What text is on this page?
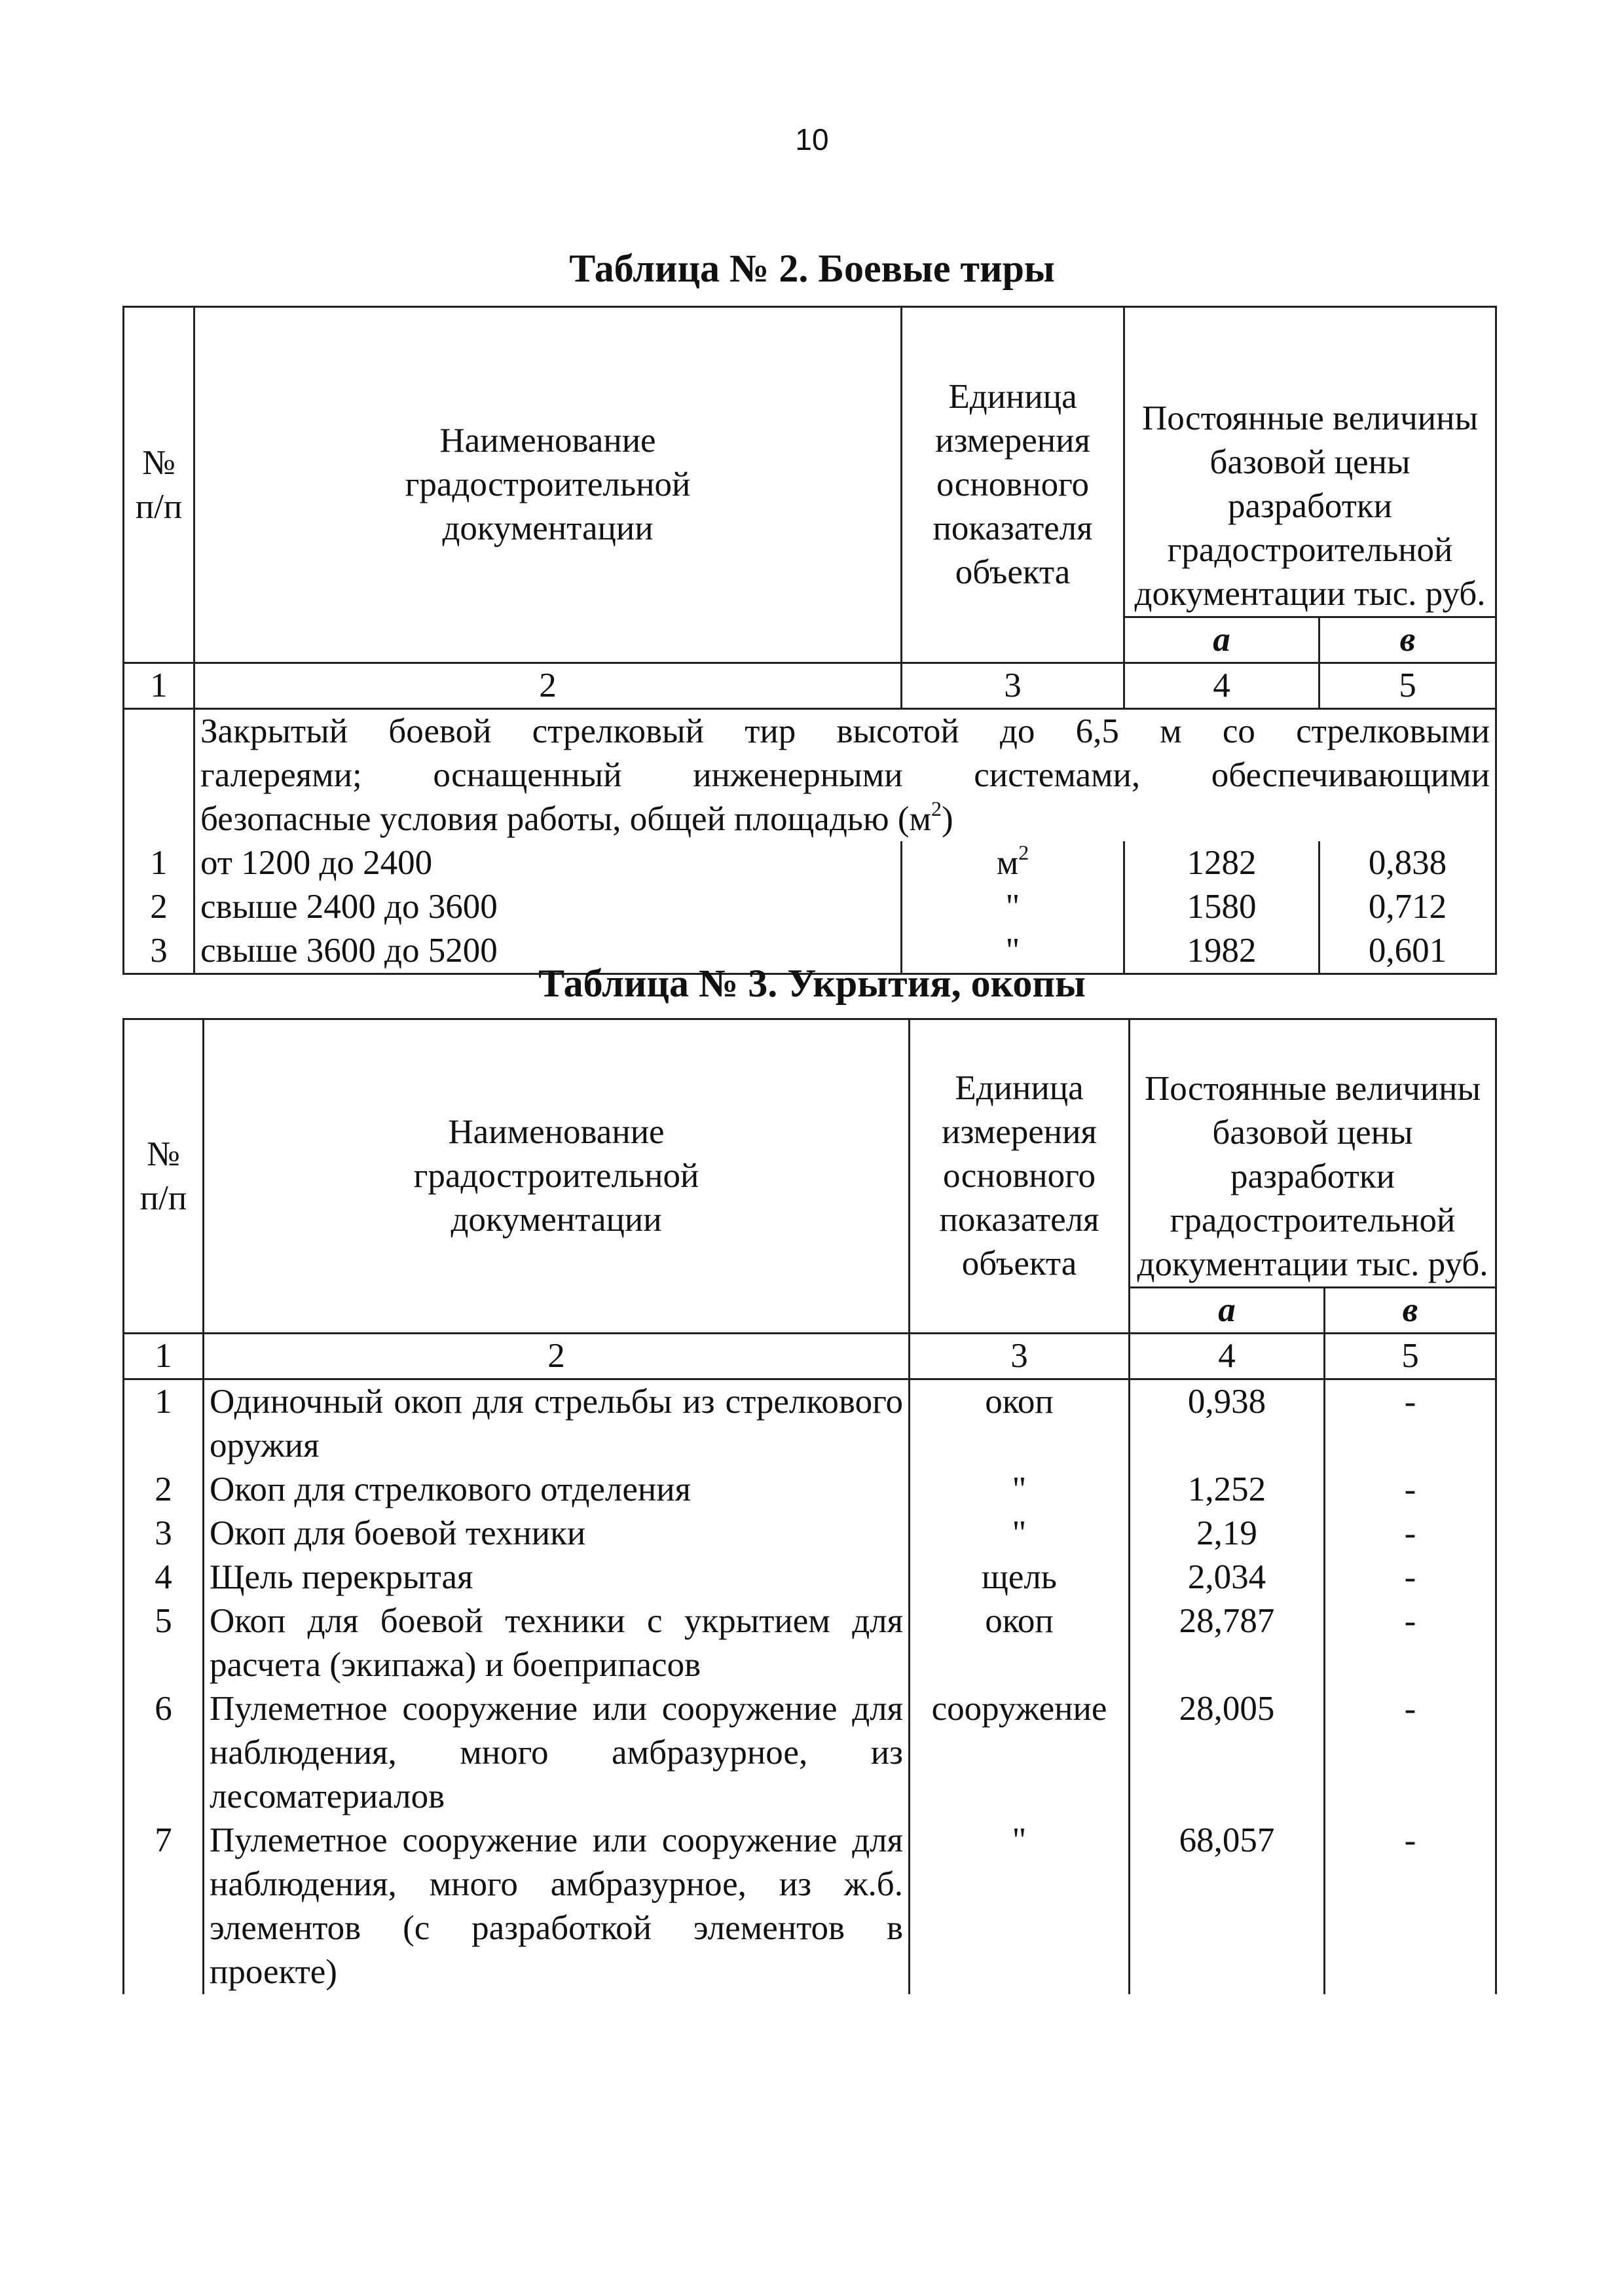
10
Таблица № 2. Боевые тиры
№ п/п	Наименование градостроительной документации	Единица измерения основного показателя объекта	Постоянные величины базовой цены разработки градостроительной документации тыс. руб.	
			а	в
1	2	3	4	5

	Закрытый боевой стрелковый тир высотой до 6,5 м со стрелковыми
галереями; оснащенный инженерными системами, обеспечивающими
безопасные условия работы, общей площадью $(м^2)$			

1	от 1200 до 2400	$м^2$	1282	0,838
2	свыше 2400 до 3600	"	1580	0,712
3	свыше 3600 до 5200	"	1982	0,601
Таблица № 3. Укрытия, окопы
№ п/п	Наименование градостроительной документации	Единица измерения основного показателя объекта	Постоянные величины базовой цены разработки градостроительной документации тыс. руб.	
			а	в
1	2	3	4	5
1	Одиночный окоп для стрельбы из стрелкового оружия	окоп	0,938	-
2	Окоп для стрелкового отделения	"	1,252	-
3	Окоп для боевой техники	"	2,19	-
4	Щель перекрытая	щель	2,034	-
5	Окоп для боевой техники с укрытием для расчета (экипажа) и боеприпасов	окоп	28,787	-
6	Пулеметное сооружение или сооружение для наблюдения, много амбразурное, из лесоматериалов	сооружение	28,005	-
7	Пулеметное сооружение или сооружение для наблюдения, много амбразурное, из ж.б. элементов (с разработкой элементов в проекте)	"	68,057	-
